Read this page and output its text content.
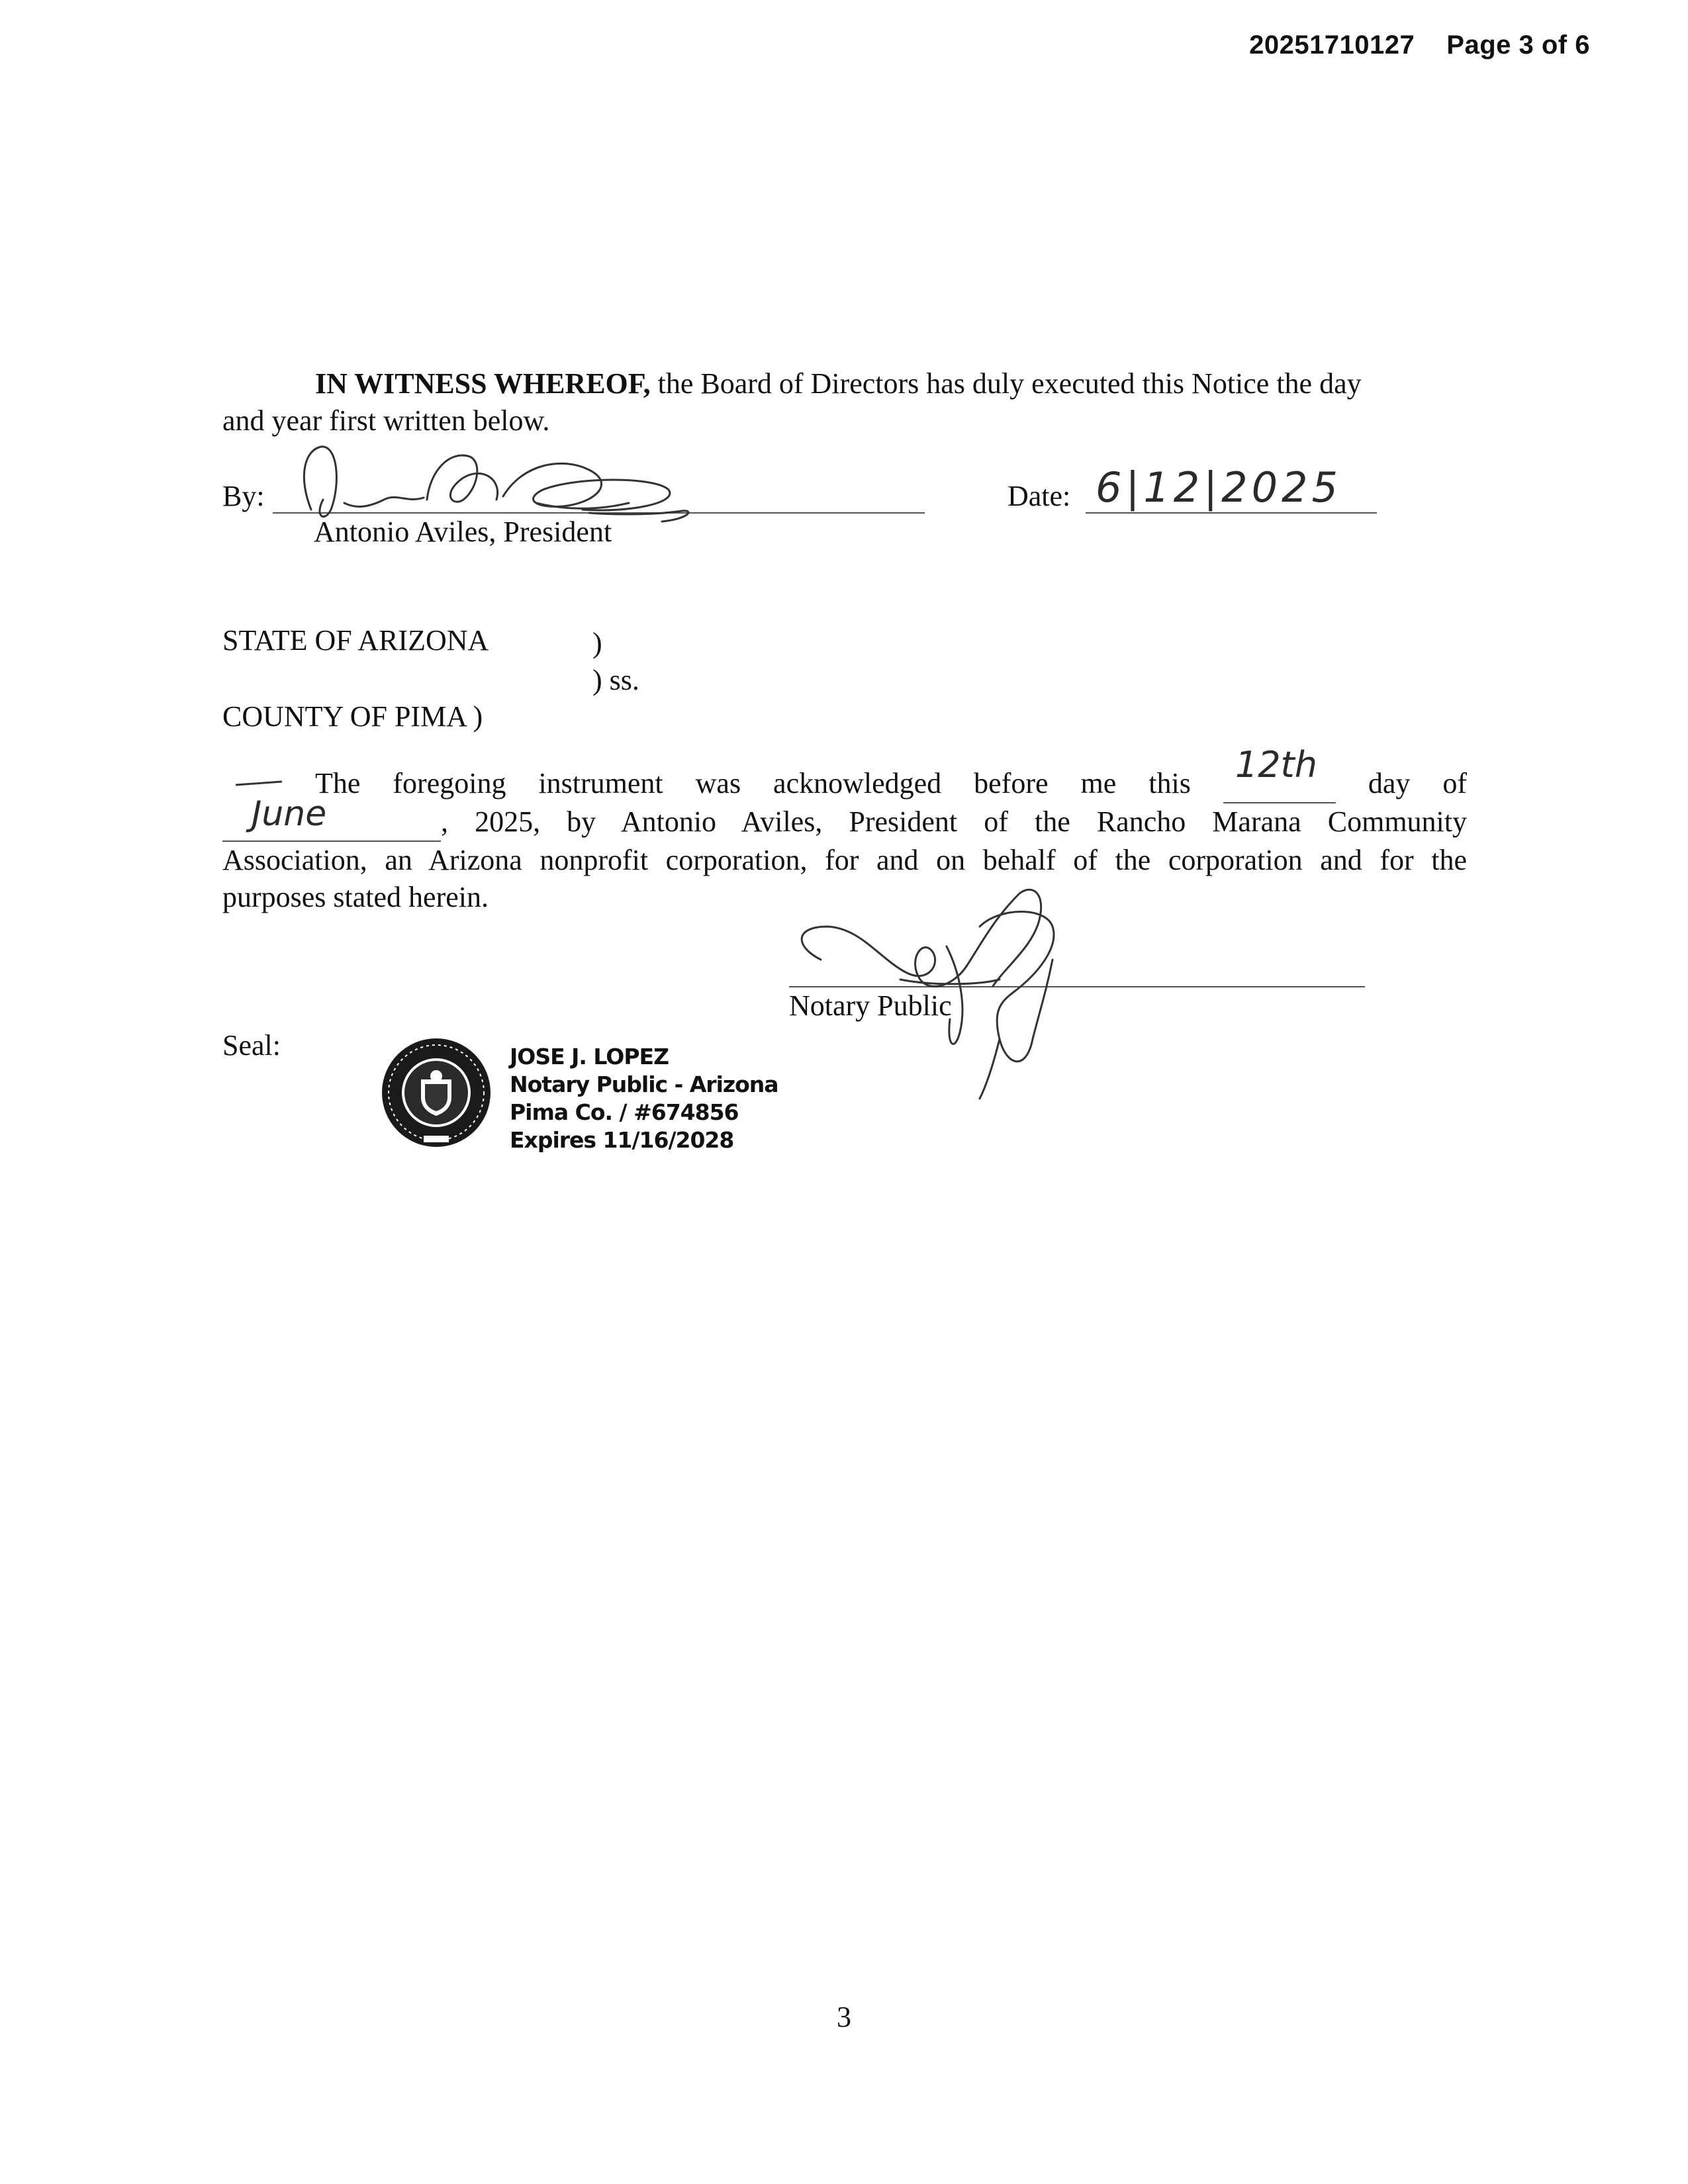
20251710127 Page 3 of 6

IN WITNESS WHEREOF, the Board of Directors has duly executed this Notice the day

and year first written below.

By:
Antonio Aviles, President
Date: 6|12|2025
STATE OF ARIZONA	)
) ss.
COUNTY OF PIMA )

The foregoing instrument was acknowledged before me this 12th day of

June	, 2025, by Antonio Aviles, President of the Rancho Marana Community

Association, an Arizona nonprofit corporation, for and on behalf of the corporation and for the

purposes stated herein.

Notary Public
Seal:	JOSE J. LOPEZ
Notary Public - Arizona
Pima Co. / #674856
Expires 11/16/2028
3
